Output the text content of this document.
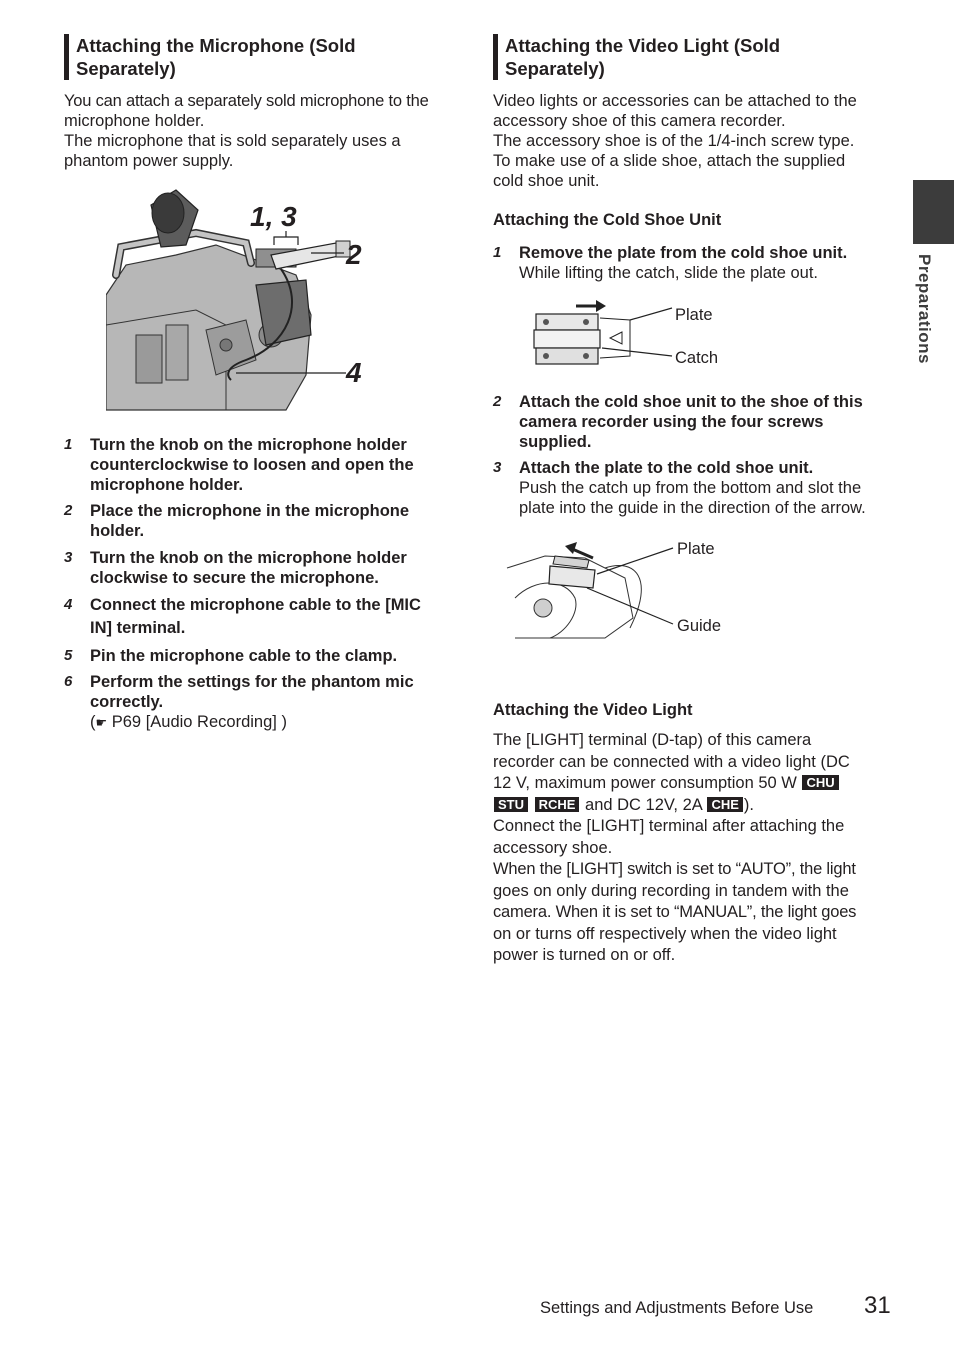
Attaching the Microphone (Sold
Separately)
You can attach a separately sold microphone to the
microphone holder.
The microphone that is sold separately uses a
phantom power supply.
1, 3
2
4
1 Turn the knob on the microphone holder
counterclockwise to loosen and open the
microphone holder.
2 Place the microphone in the microphone
holder.
3 Turn the knob on the microphone holder
clockwise to secure the microphone.
4 Connect the microphone cable to the [MIC
IN] terminal.
5 Pin the microphone cable to the clamp.
6 Perform the settings for the phantom mic
correctly.
(☛ P69 [Audio Recording] )
Attaching the Video Light (Sold
Separately)
Video lights or accessories can be attached to the
accessory shoe of this camera recorder.
The accessory shoe is of the 1/4-inch screw type.
To make use of a slide shoe, attach the supplied
cold shoe unit.
Attaching the Cold Shoe Unit
1 Remove the plate from the cold shoe unit.
While lifting the catch, slide the plate out.
Plate
Catch
2 Attach the cold shoe unit to the shoe of this
camera recorder using the four screws
supplied.
3 Attach the plate to the cold shoe unit.
Push the catch up from the bottom and slot the
plate into the guide in the direction of the arrow.
Plate
Guide
Attaching the Video Light
The [LIGHT] terminal (D-tap) of this camera
recorder can be connected with a video light (DC
12 V, maximum power consumption 50 W CHU
STU RCHE and DC 12V, 2A CHE ).
Connect the [LIGHT] terminal after attaching the
accessory shoe.
When the [LIGHT] switch is set to “AUTO”, the light
goes on only during recording in tandem with the
camera. When it is set to “MANUAL”, the light goes
on or turns off respectively when the video light
power is turned on or off.
Preparations
Settings and Adjustments Before Use 31
